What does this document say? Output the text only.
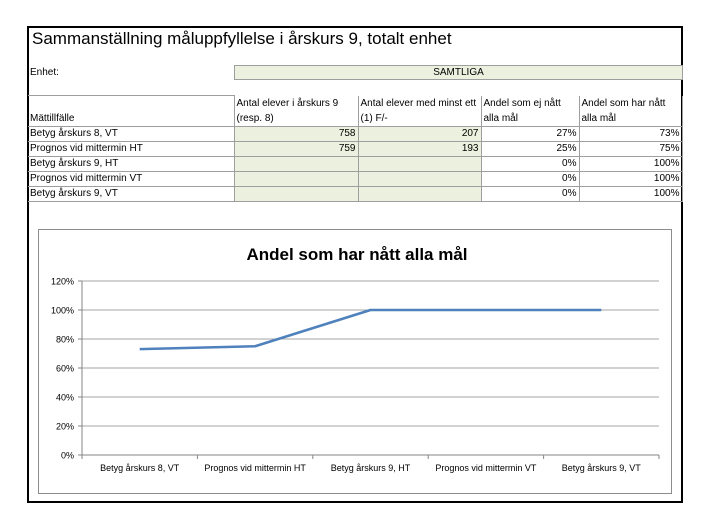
Sammanställning måluppfyllelse i årskurs 9, totalt enhet
Enhet:	SAMTLIGA
Mättillfälle	Antal elever i årskurs 9 (resp. 8)	Antal elever med minst ett (1) F/-	Andel som ej nått alla mål	Andel som har nått alla mål
Betyg årskurs 8, VT	758	207	27%	73%
Prognos vid mittermin HT	759	193	25%	75%
Betyg årskurs 9, HT			0%	100%
Prognos vid mittermin VT			0%	100%
Betyg årskurs 9, VT			0%	100%
Andel som har nått alla mål
0%
20%
40%
60%
80%
100%
120%
Betyg årskurs 8, VT	Prognos vid mittermin HT	Betyg årskurs 9, HT	Prognos vid mittermin VT	Betyg årskurs 9, VT
